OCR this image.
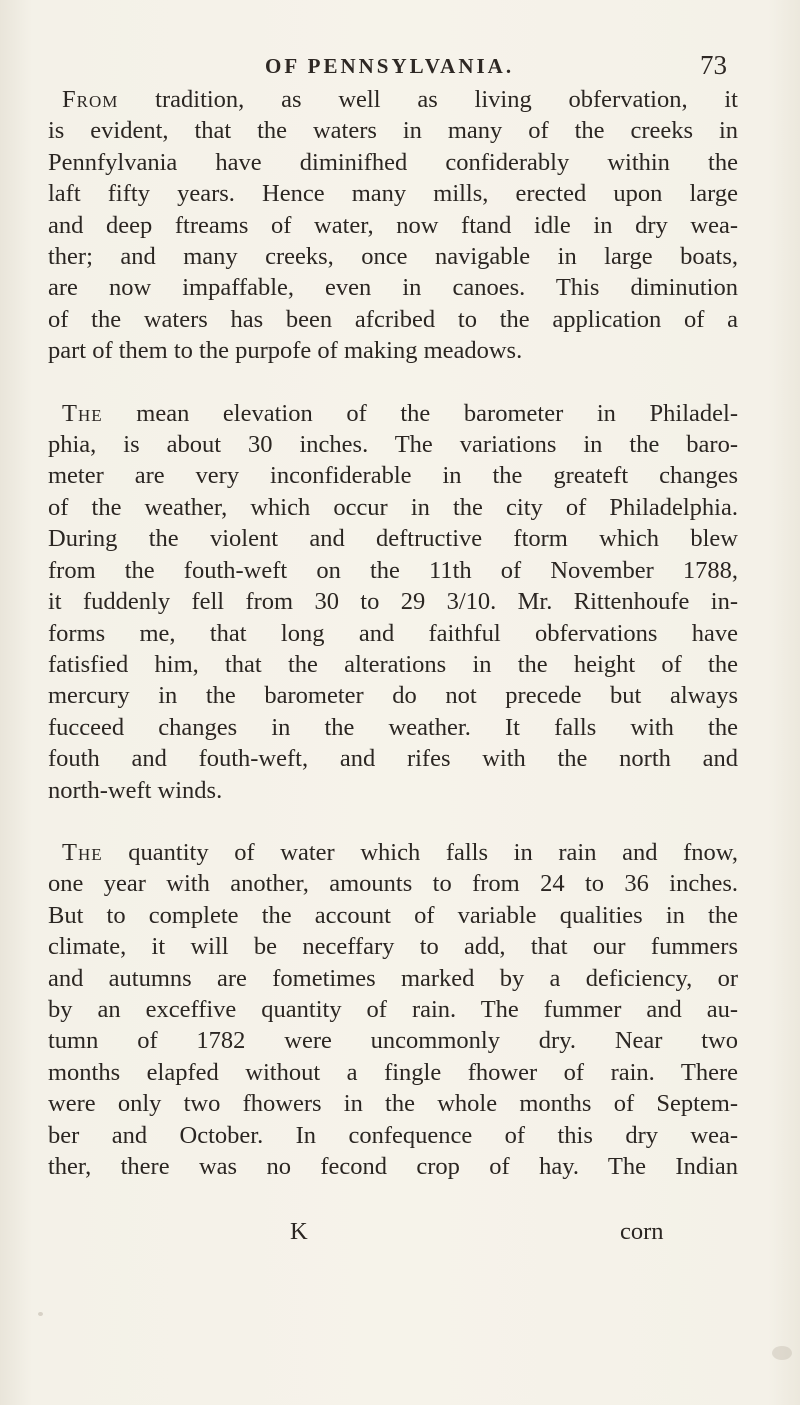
OF PENNSYLVANIA.	73

From tradition, as well as living obfervation, it
is evident, that the waters in many of the creeks in
Pennfylvania have diminifhed confiderably within the
laft fifty years. Hence many mills, erected upon large
and deep ftreams of water, now ftand idle in dry wea-
ther; and many creeks, once navigable in large boats,
are now impaffable, even in canoes. This diminution
of the waters has been afcribed to the application of a
part of them to the purpofe of making meadows.

The mean elevation of the barometer in Philadel-
phia, is about 30 inches. The variations in the baro-
meter are very inconfiderable in the greateft changes
of the weather, which occur in the city of Philadelphia.
During the violent and deftructive ftorm which blew
from the fouth-weft on the 11th of November 1788,
it fuddenly fell from 30 to 29 3/10. Mr. Rittenhoufe in-
forms me, that long and faithful obfervations have
fatisfied him, that the alterations in the height of the
mercury in the barometer do not precede but always
fucceed changes in the weather. It falls with the
fouth and fouth-weft, and rifes with the north and
north-weft winds.

The quantity of water which falls in rain and fnow,
one year with another, amounts to from 24 to 36 inches.
But to complete the account of variable qualities in the
climate, it will be neceffary to add, that our fummers
and autumns are fometimes marked by a deficiency, or
by an exceffive quantity of rain. The fummer and au-
tumn of 1782 were uncommonly dry. Near two
months elapfed without a fingle fhower of rain. There
were only two fhowers in the whole months of Septem-
ber and October. In confequence of this dry wea-
ther, there was no fecond crop of hay. The Indian

K	corn
